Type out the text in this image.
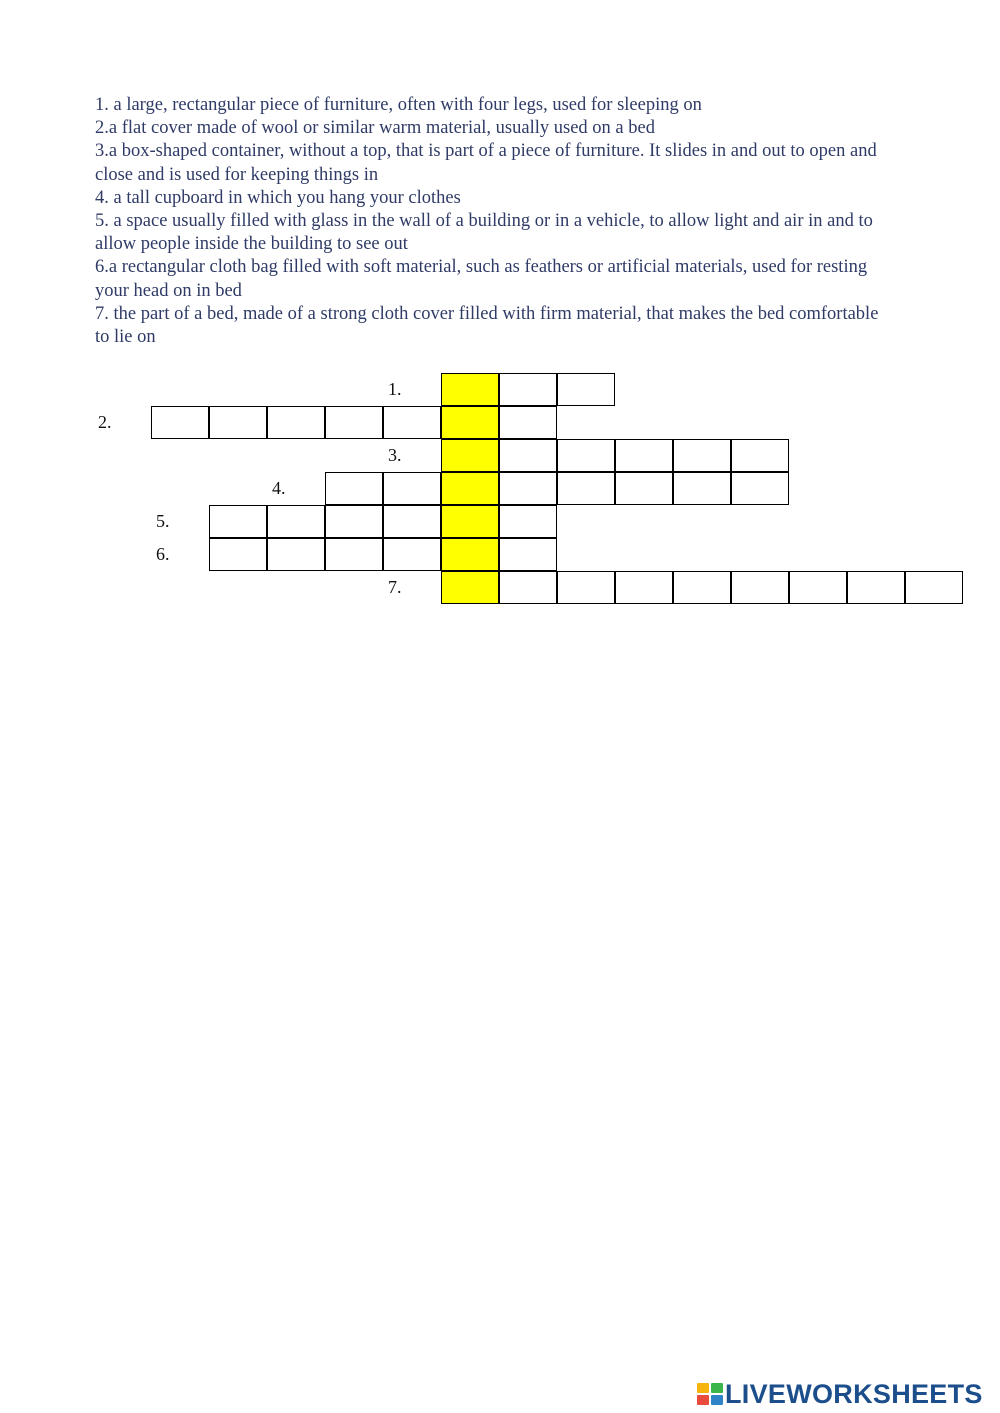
1. a large, rectangular piece of furniture, often with four legs, used for sleeping on

2.a flat cover made of wool or similar warm material, usually used on a bed

3.a box-shaped container, without a top, that is part of a piece of furniture. It slides in and out to open and close and is used for keeping things in

4. a tall cupboard in which you hang your clothes

5. a space usually filled with glass in the wall of a building or in a vehicle, to allow light and air in and to allow people inside the building to see out

6.a rectangular cloth bag filled with soft material, such as feathers or artificial materials, used for resting your head on in bed

7. the part of a bed, made of a strong cloth cover filled with firm material, that makes the bed comfortable to lie on

1.
2.
3.
4.
5.
6.
7.
LIVEWORKSHEETS
